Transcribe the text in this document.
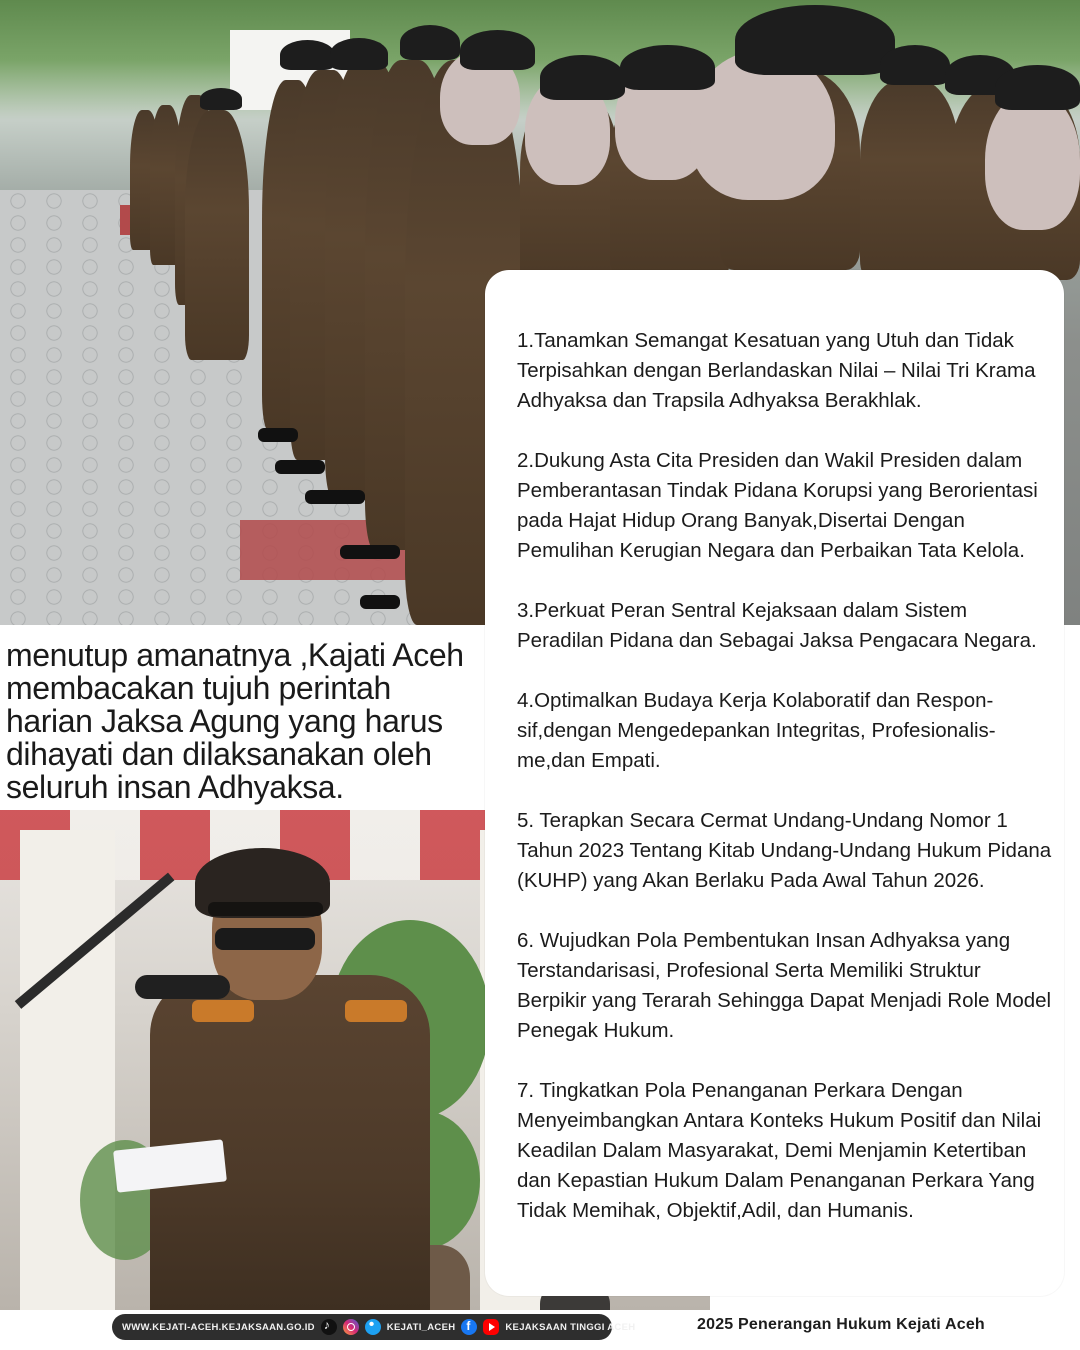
menutup amanatnya ,Kajati Aceh membacakan tujuh perintah harian Jaksa Agung yang harus dihayati dan dilaksanakan oleh seluruh insan Adhyaksa.

1.Tanamkan Semangat Kesatuan yang Utuh dan Tidak Terpisahkan dengan Berlandaskan Nilai – Nilai Tri Krama Adhyaksa dan Trapsila Adhyaksa Berakhlak.

2.Dukung Asta Cita Presiden dan Wakil Presiden dalam Pemberantasan Tindak Pidana Korupsi yang Berorientasi pada Hajat Hidup Orang Banyak,Disertai Dengan Pemulihan Kerugian Negara dan Perbaikan Tata Kelola.

3.Perkuat Peran Sentral Kejaksaan dalam Sistem Peradilan Pidana dan Sebagai Jaksa Pengacara Negara.

4.Optimalkan Budaya Kerja Kolaboratif dan Respon-sif,dengan Mengedepankan Integritas, Profesionalis-me,dan Empati.

5. Terapkan Secara Cermat Undang-Undang Nomor 1 Tahun 2023 Tentang Kitab Undang-Undang Hukum Pidana (KUHP) yang Akan Berlaku Pada Awal Tahun 2026.

6. Wujudkan Pola Pembentukan Insan Adhyaksa yang Terstandarisasi, Profesional Serta Memiliki Struktur Berpikir yang Terarah Sehingga Dapat Menjadi Role Model Penegak Hukum.

7. Tingkatkan Pola Penanganan Perkara Dengan Menyeimbangkan Antara Konteks Hukum Positif dan Nilai Keadilan Dalam Masyarakat, Demi Menjamin Ketertiban dan Kepastian Hukum Dalam Penanganan Perkara Yang Tidak Memihak, Objektif,Adil, dan Humanis.

WWW.KEJATI-ACEH.KEJAKSAAN.GO.ID ♪ •	KEJATI_ACEH f	KEJAKSAAN TINGGI ACEH	2025 Penerangan Hukum Kejati Aceh
